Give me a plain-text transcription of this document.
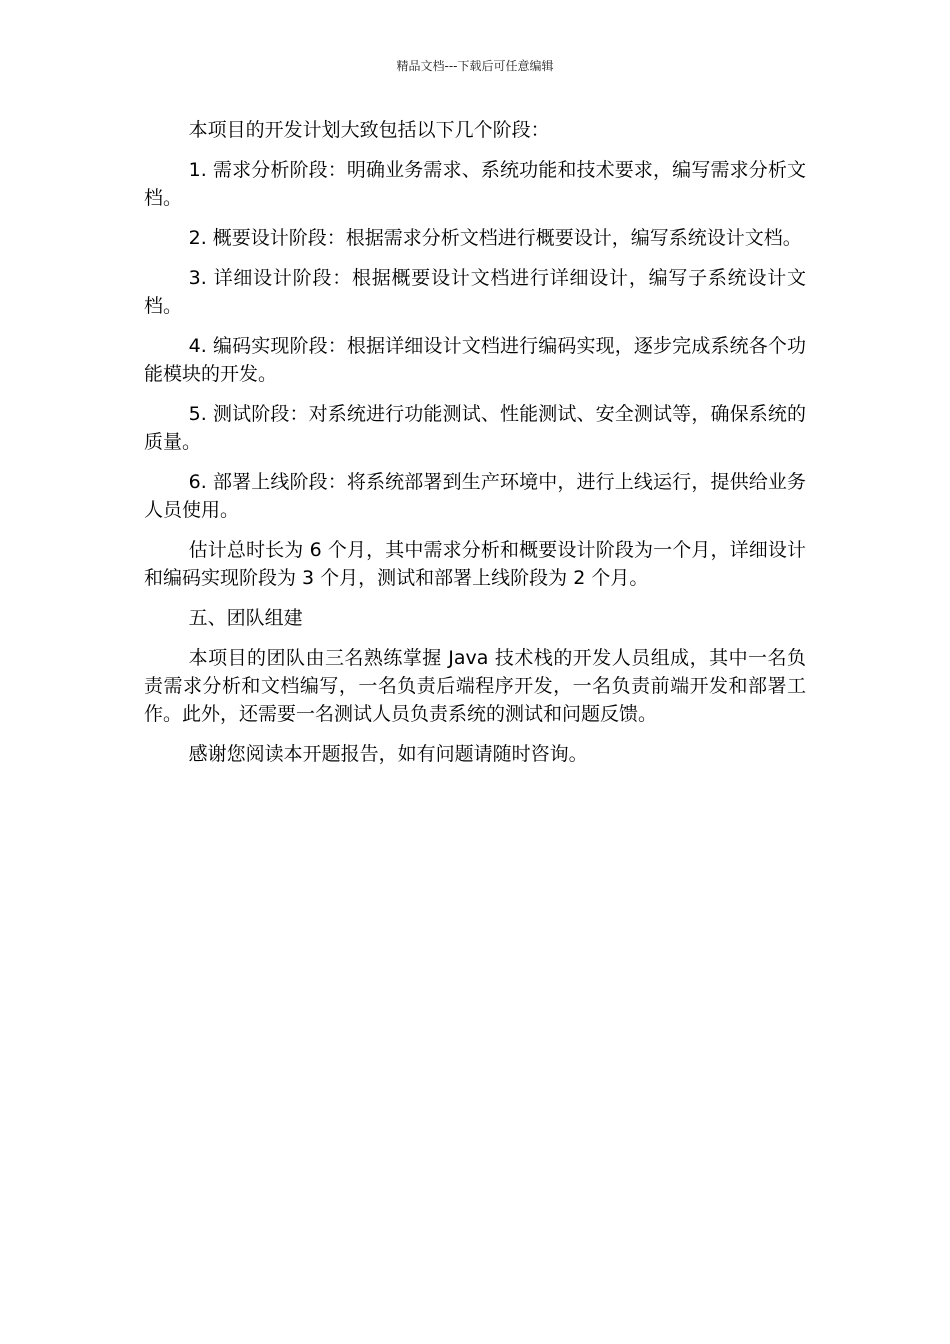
精品文档---下载后可任意编辑

本项目的开发计划大致包括以下几个阶段：

1. 需求分析阶段：明确业务需求、系统功能和技术要求，编写需求分析文档。

2. 概要设计阶段：根据需求分析文档进行概要设计，编写系统设计文档。

3. 详细设计阶段：根据概要设计文档进行详细设计，编写子系统设计文档。

4. 编码实现阶段：根据详细设计文档进行编码实现，逐步完成系统各个功能模块的开发。

5. 测试阶段：对系统进行功能测试、性能测试、安全测试等，确保系统的质量。

6. 部署上线阶段：将系统部署到生产环境中，进行上线运行，提供给业务人员使用。

估计总时长为 6 个月，其中需求分析和概要设计阶段为一个月，详细设计和编码实现阶段为 3 个月，测试和部署上线阶段为 2 个月。

五、团队组建

本项目的团队由三名熟练掌握 Java 技术栈的开发人员组成，其中一名负责需求分析和文档编写，一名负责后端程序开发，一名负责前端开发和部署工作。此外，还需要一名测试人员负责系统的测试和问题反馈。

感谢您阅读本开题报告，如有问题请随时咨询。
